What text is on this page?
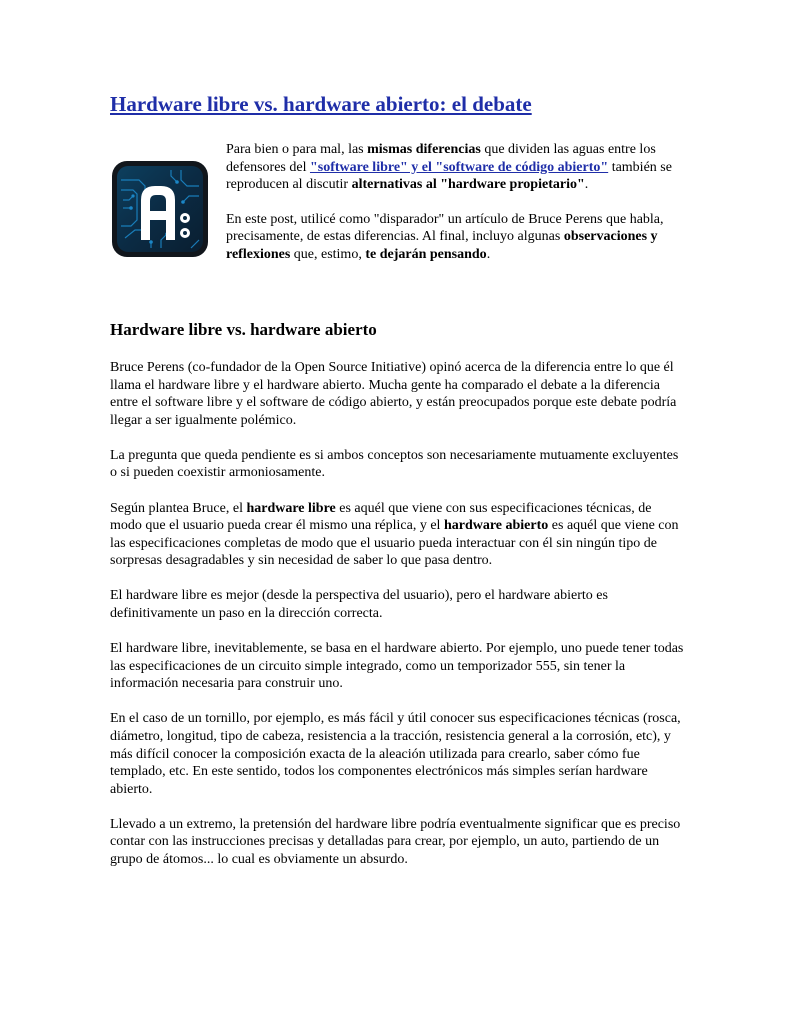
Hardware libre vs. hardware abierto: el debate

Para bien o para mal, las mismas diferencias que dividen las aguas entre los defensores del "software libre" y el "software de código abierto" también se reproducen al discutir alternativas al "hardware propietario".

En este post, utilicé como "disparador" un artículo de Bruce Perens que habla, precisamente, de estas diferencias. Al final, incluyo algunas observaciones y reflexiones que, estimo, te dejarán pensando.

Hardware libre vs. hardware abierto

Bruce Perens (co-fundador de la Open Source Initiative) opinó acerca de la diferencia entre lo que él llama el hardware libre y el hardware abierto. Mucha gente ha comparado el debate a la diferencia entre el software libre y el software de código abierto, y están preocupados porque este debate podría llegar a ser igualmente polémico.

La pregunta que queda pendiente es si ambos conceptos son necesariamente mutuamente excluyentes o si pueden coexistir armoniosamente.

Según plantea Bruce, el hardware libre es aquél que viene con sus especificaciones técnicas, de modo que el usuario pueda crear él mismo una réplica, y el hardware abierto es aquél que viene con las especificaciones completas de modo que el usuario pueda interactuar con él sin ningún tipo de sorpresas desagradables y sin necesidad de saber lo que pasa dentro.

El hardware libre es mejor (desde la perspectiva del usuario), pero el hardware abierto es definitivamente un paso en la dirección correcta.

El hardware libre, inevitablemente, se basa en el hardware abierto. Por ejemplo, uno puede tener todas las especificaciones de un circuito simple integrado, como un temporizador 555, sin tener la información necesaria para construir uno.

En el caso de un tornillo, por ejemplo, es más fácil y útil conocer sus especificaciones técnicas (rosca, diámetro, longitud, tipo de cabeza, resistencia a la tracción, resistencia general a la corrosión, etc), y más difícil conocer la composición exacta de la aleación utilizada para crearlo, saber cómo fue templado, etc. En este sentido, todos los componentes electrónicos más simples serían hardware abierto.

Llevado a un extremo, la pretensión del hardware libre podría eventualmente significar que es preciso contar con las instrucciones precisas y detalladas para crear, por ejemplo, un auto, partiendo de un grupo de átomos... lo cual es obviamente un absurdo.
